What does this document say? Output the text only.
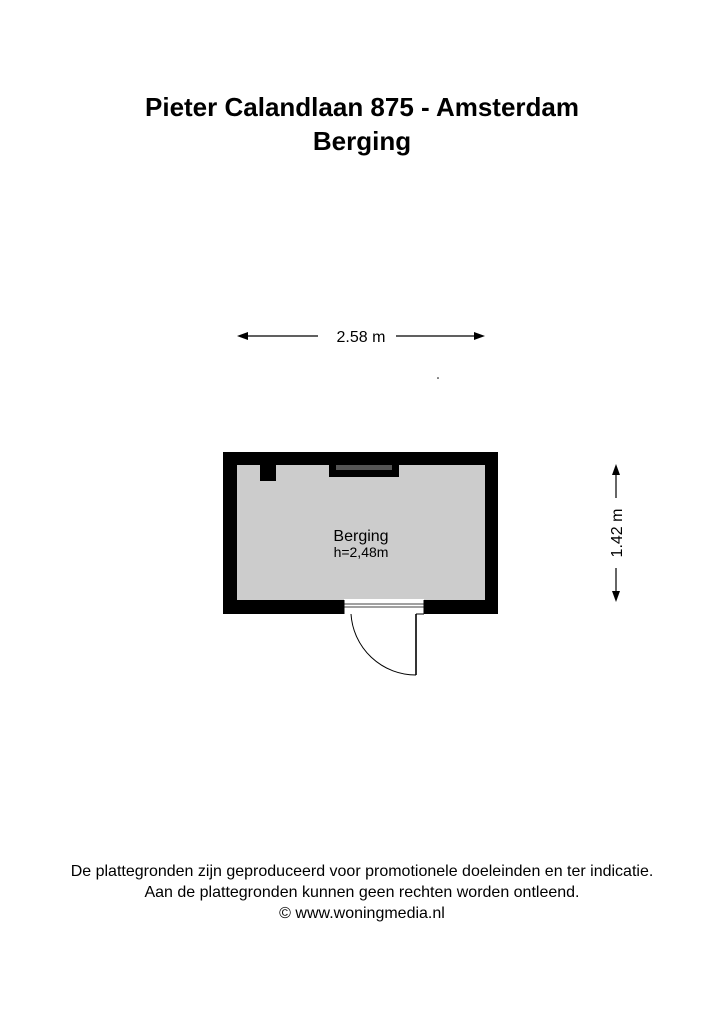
Pieter Calandlaan 875 - Amsterdam
Berging
2.58 m
1.42 m
Berging
h=2,48m
De plattegronden zijn geproduceerd voor promotionele doeleinden en ter indicatie.
Aan de plattegronden kunnen geen rechten worden ontleend.
© www.woningmedia.nl
